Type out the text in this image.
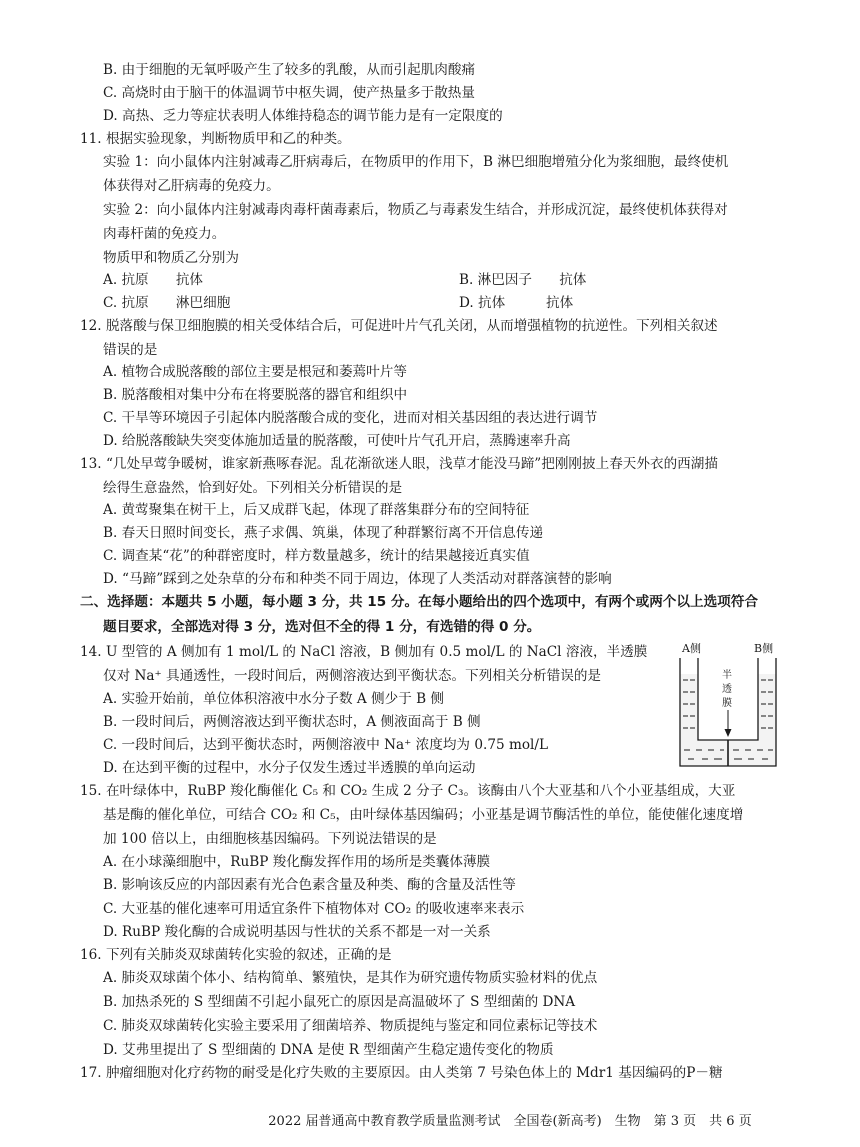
B. 由于细胞的无氧呼吸产生了较多的乳酸，从而引起肌肉酸痛
C. 高烧时由于脑干的体温调节中枢失调，使产热量多于散热量
D. 高热、乏力等症状表明人体维持稳态的调节能力是有一定限度的
11. 根据实验现象，判断物质甲和乙的种类。
实验 1：向小鼠体内注射减毒乙肝病毒后，在物质甲的作用下，B 淋巴细胞增殖分化为浆细胞，最终使机
体获得对乙肝病毒的免疫力。
实验 2：向小鼠体内注射减毒肉毒杆菌毒素后，物质乙与毒素发生结合，并形成沉淀，最终使机体获得对
肉毒杆菌的免疫力。
物质甲和物质乙分别为
A. 抗原　　抗体	B. 淋巴因子　　抗体
C. 抗原　　淋巴细胞	D. 抗体　　　抗体
12. 脱落酸与保卫细胞膜的相关受体结合后，可促进叶片气孔关闭，从而增强植物的抗逆性。下列相关叙述
错误的是
A. 植物合成脱落酸的部位主要是根冠和萎蔫叶片等
B. 脱落酸相对集中分布在将要脱落的器官和组织中
C. 干旱等环境因子引起体内脱落酸合成的变化，进而对相关基因组的表达进行调节
D. 给脱落酸缺失突变体施加适量的脱落酸，可使叶片气孔开启，蒸腾速率升高
13. “几处早莺争暖树，谁家新燕啄春泥。乱花渐欲迷人眼，浅草才能没马蹄”把刚刚披上春天外衣的西湖描
绘得生意盎然，恰到好处。下列相关分析错误的是
A. 黄莺聚集在树干上，后又成群飞起，体现了群落集群分布的空间特征
B. 春天日照时间变长，燕子求偶、筑巢，体现了种群繁衍离不开信息传递
C. 调查某“花”的种群密度时，样方数量越多，统计的结果越接近真实值
D. “马蹄”踩到之处杂草的分布和种类不同于周边，体现了人类活动对群落演替的影响
二、选择题：本题共 5 小题，每小题 3 分，共 15 分。在每小题给出的四个选项中，有两个或两个以上选项符合
题目要求，全部选对得 3 分，选对但不全的得 1 分，有选错的得 0 分。
14. U 型管的 A 侧加有 1 mol/L 的 NaCl 溶液，B 侧加有 0.5 mol/L 的 NaCl 溶液，半透膜
仅对 Na⁺ 具通透性，一段时间后，两侧溶液达到平衡状态。下列相关分析错误的是
A. 实验开始前，单位体积溶液中水分子数 A 侧少于 B 侧
B. 一段时间后，两侧溶液达到平衡状态时，A 侧液面高于 B 侧
C. 一段时间后，达到平衡状态时，两侧溶液中 Na⁺ 浓度均为 0.75 mol/L
D. 在达到平衡的过程中，水分子仅发生透过半透膜的单向运动
A侧	B侧
半
透
膜
15. 在叶绿体中，RuBP 羧化酶催化 C₅ 和 CO₂ 生成 2 分子 C₃。该酶由八个大亚基和八个小亚基组成，大亚
基是酶的催化单位，可结合 CO₂ 和 C₅，由叶绿体基因编码；小亚基是调节酶活性的单位，能使催化速度增
加 100 倍以上，由细胞核基因编码。下列说法错误的是
A. 在小球藻细胞中，RuBP 羧化酶发挥作用的场所是类囊体薄膜
B. 影响该反应的内部因素有光合色素含量及种类、酶的含量及活性等
C. 大亚基的催化速率可用适宜条件下植物体对 CO₂ 的吸收速率来表示
D. RuBP 羧化酶的合成说明基因与性状的关系不都是一对一关系
16. 下列有关肺炎双球菌转化实验的叙述，正确的是
A. 肺炎双球菌个体小、结构简单、繁殖快，是其作为研究遗传物质实验材料的优点
B. 加热杀死的 S 型细菌不引起小鼠死亡的原因是高温破坏了 S 型细菌的 DNA
C. 肺炎双球菌转化实验主要采用了细菌培养、物质提纯与鉴定和同位素标记等技术
D. 艾弗里提出了 S 型细菌的 DNA 是使 R 型细菌产生稳定遗传变化的物质
17. 肿瘤细胞对化疗药物的耐受是化疗失败的主要原因。由人类第 7 号染色体上的 Mdr1 基因编码的P－糖
2022 届普通高中教育教学质量监测考试　全国卷(新高考)　生物　第 3 页　共 6 页
